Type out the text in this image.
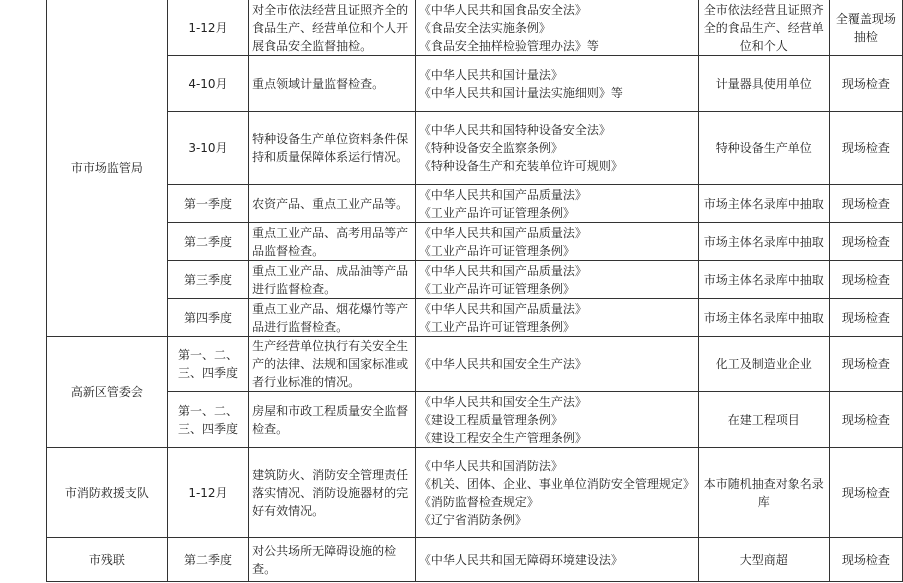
市市场监管局	1-12月	对全市依法经营且证照齐全的食品生产、经营单位和个人开展食品安全监督抽检。	《中华人民共和国食品安全法》
《食品安全法实施条例》
《食品安全抽样检验管理办法》等	全市依法经营且证照齐全的食品生产、经营单位和个人	全覆盖现场抽检
	4-10月	重点领域计量监督检查。	《中华人民共和国计量法》
《中华人民共和国计量法实施细则》等	计量器具使用单位	现场检查
	3-10月	特种设备生产单位资料条件保持和质量保障体系运行情况。	《中华人民共和国特种设备安全法》
《特种设备安全监察条例》
《特种设备生产和充装单位许可规则》	特种设备生产单位	现场检查
	第一季度	农资产品、重点工业产品等。	《中华人民共和国产品质量法》
《工业产品许可证管理条例》	市场主体名录库中抽取	现场检查
	第二季度	重点工业产品、高考用品等产品监督检查。	《中华人民共和国产品质量法》
《工业产品许可证管理条例》	市场主体名录库中抽取	现场检查
	第三季度	重点工业产品、成品油等产品进行监督检查。	《中华人民共和国产品质量法》
《工业产品许可证管理条例》	市场主体名录库中抽取	现场检查
	第四季度	重点工业产品、烟花爆竹等产品进行监督检查。	《中华人民共和国产品质量法》
《工业产品许可证管理条例》	市场主体名录库中抽取	现场检查
高新区管委会	第一、二、三、四季度	生产经营单位执行有关安全生产的法律、法规和国家标准或者行业标准的情况。	《中华人民共和国安全生产法》	化工及制造业企业	现场检查
	第一、二、三、四季度	房屋和市政工程质量安全监督检查。	《中华人民共和国安全生产法》
《建设工程质量管理条例》
《建设工程安全生产管理条例》	在建工程项目	现场检查
市消防救援支队	1-12月	建筑防火、消防安全管理责任落实情况、消防设施器材的完好有效情况。	《中华人民共和国消防法》
《机关、团体、企业、事业单位消防安全管理规定》
《消防监督检查规定》
《辽宁省消防条例》	本市随机抽查对象名录库	现场检查
市残联	第二季度	对公共场所无障碍设施的检查。	《中华人民共和国无障碍环境建设法》	大型商超	现场检查
